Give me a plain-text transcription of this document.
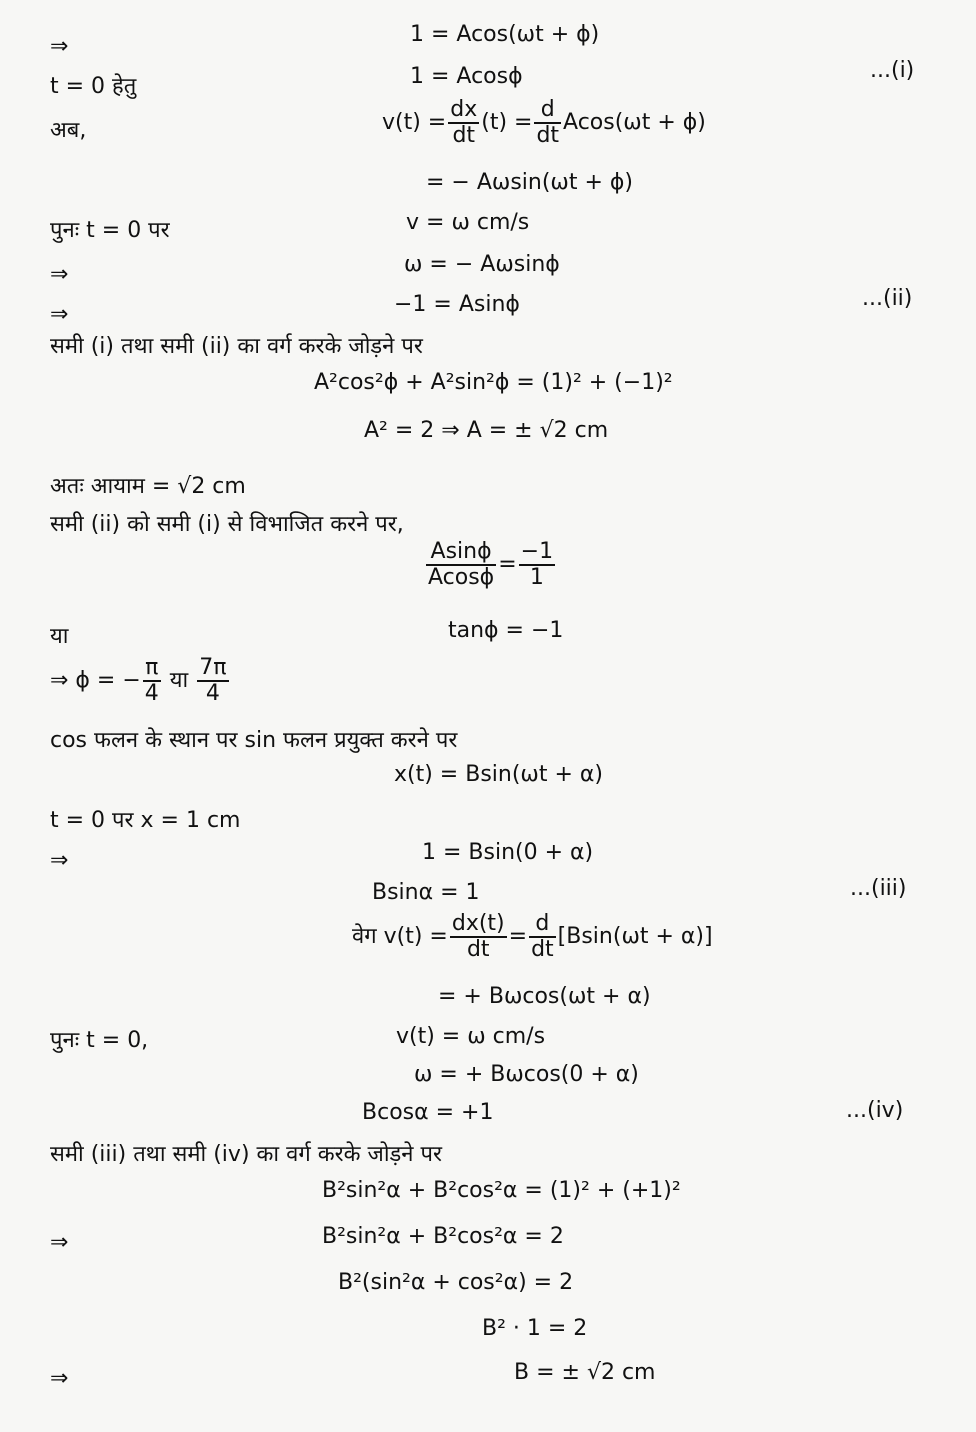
⇒	1 = Acos(ωt + ϕ)
t = 0 हेतु	1 = Acosϕ	...(i)
अब,	$v(t) = \frac{dx}{dt} (t) = \frac{d}{dt} Acos(\omega t + \phi)$
= − Aωsin(ωt + ϕ)
पुनः t = 0 पर	v = ω cm/s
⇒	ω = − Aωsinϕ
⇒	−1 = Asinϕ	...(ii)
समी (i) तथा समी (ii) का वर्ग करके जोड़ने पर
A²cos²ϕ + A²sin²ϕ = (1)² + (−1)²
A² = 2 ⇒ A = ± √2 cm
अतः आयाम = √2 cm
समी (ii) को समी (i) से विभाजित करने पर,
$\frac{Asin\phi}{Acos\phi} = \frac{-1}{1}$
या	tanϕ = −1
⇒ ϕ = − $\frac{\pi}{4}$ या $\frac{7\pi}{4}$
cos फलन के स्थान पर sin फलन प्रयुक्त करने पर
x(t) = Bsin(ωt + α)
t = 0 पर x = 1 cm
⇒	1 = Bsin(0 + α)
Bsinα = 1	...(iii)
वेग $v(t) = \frac{dx(t)}{dt} = \frac{d}{dt} [Bsin(\omega t + \alpha)]$
= + Bωcos(ωt + α)
पुनः t = 0,	v(t) = ω cm/s
ω = + Bωcos(0 + α)
Bcosα = +1	...(iv)
समी (iii) तथा समी (iv) का वर्ग करके जोड़ने पर
B²sin²α + B²cos²α = (1)² + (+1)²
⇒	B²sin²α + B²cos²α = 2
B²(sin²α + cos²α) = 2
B² · 1 = 2
⇒	B = ± √2 cm
